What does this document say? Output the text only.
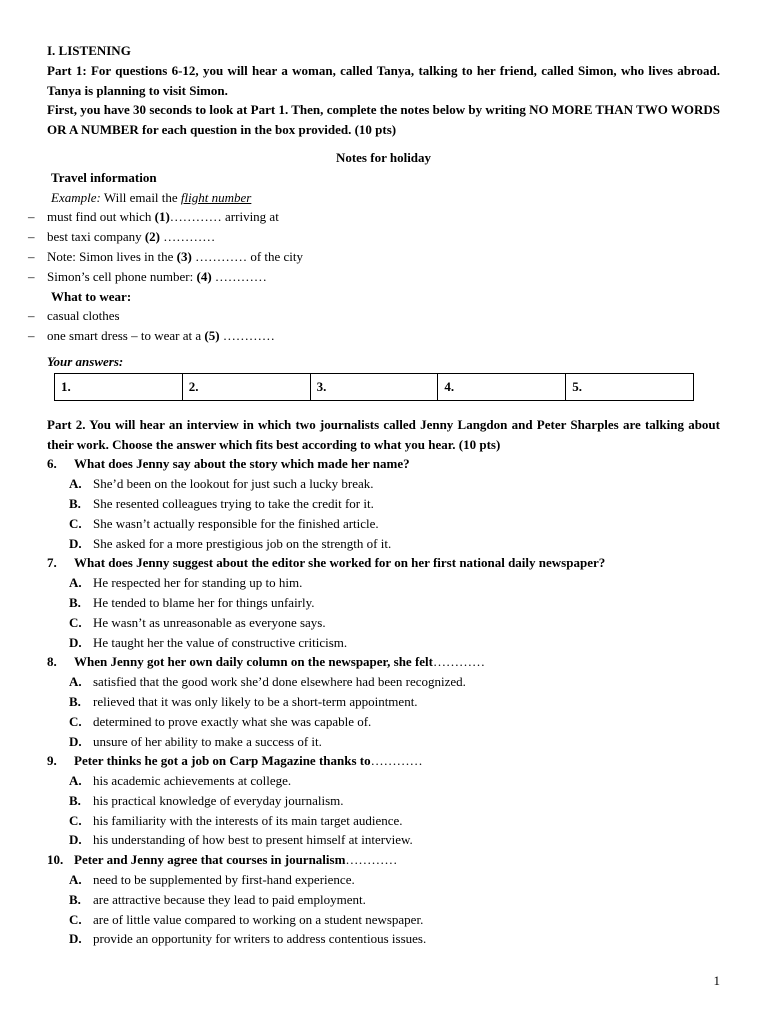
I. LISTENING
Part 1: For questions 6-12, you will hear a woman, called Tanya, talking to her friend, called Simon, who lives abroad. Tanya is planning to visit Simon.
First, you have 30 seconds to look at Part 1. Then, complete the notes below by writing NO MORE THAN TWO WORDS OR A NUMBER for each question in the box provided. (10 pts)
Notes for holiday
Travel information
Example: Will email the flight number
– must find out which (1)………… arriving at
– best taxi company (2) …………
– Note: Simon lives in the (3) ………… of the city
– Simon’s cell phone number: (4) …………
What to wear:
– casual clothes
– one smart dress – to wear at a (5) …………
Your answers:
1.	2.	3.	4.	5.
Part 2. You will hear an interview in which two journalists called Jenny Langdon and Peter Sharples are talking about their work. Choose the answer which fits best according to what you hear. (10 pts)
6. What does Jenny say about the story which made her name?
A. She’d been on the lookout for just such a lucky break.
B. She resented colleagues trying to take the credit for it.
C. She wasn’t actually responsible for the finished article.
D. She asked for a more prestigious job on the strength of it.
7. What does Jenny suggest about the editor she worked for on her first national daily newspaper?
A. He respected her for standing up to him.
B. He tended to blame her for things unfairly.
C. He wasn’t as unreasonable as everyone says.
D. He taught her the value of constructive criticism.
8. When Jenny got her own daily column on the newspaper, she felt…………
A. satisfied that the good work she’d done elsewhere had been recognized.
B. relieved that it was only likely to be a short-term appointment.
C. determined to prove exactly what she was capable of.
D. unsure of her ability to make a success of it.
9. Peter thinks he got a job on Carp Magazine thanks to…………
A. his academic achievements at college.
B. his practical knowledge of everyday journalism.
C. his familiarity with the interests of its main target audience.
D. his understanding of how best to present himself at interview.
10. Peter and Jenny agree that courses in journalism…………
A. need to be supplemented by first-hand experience.
B. are attractive because they lead to paid employment.
C. are of little value compared to working on a student newspaper.
D. provide an opportunity for writers to address contentious issues.
1
